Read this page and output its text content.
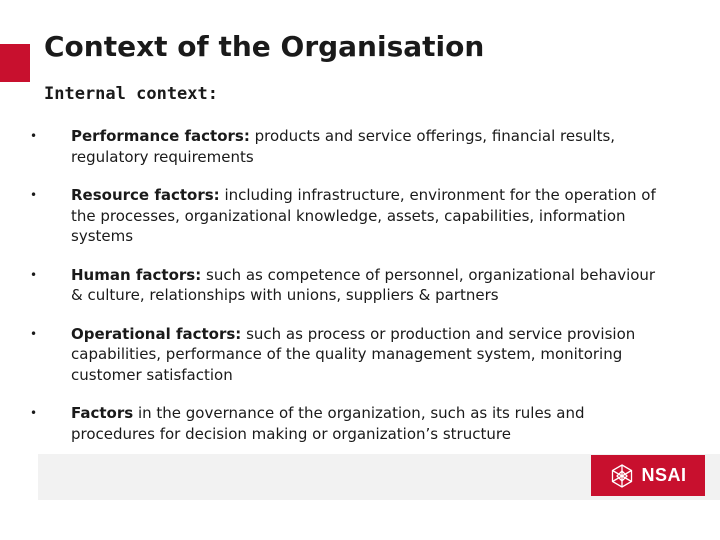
Context of the Organisation
Internal context:
• Performance factors: products and service offerings, financial results, regulatory requirements
• Resource factors: including infrastructure, environment for the operation of the processes, organizational knowledge, assets, capabilities, information systems
• Human factors: such as competence of personnel, organizational behaviour & culture, relationships with unions, suppliers & partners
• Operational factors: such as process or production and service provision capabilities, performance of the quality management system, monitoring customer satisfaction
• Factors in the governance of the organization, such as its rules and procedures for decision making or organization’s structure
NSAI
